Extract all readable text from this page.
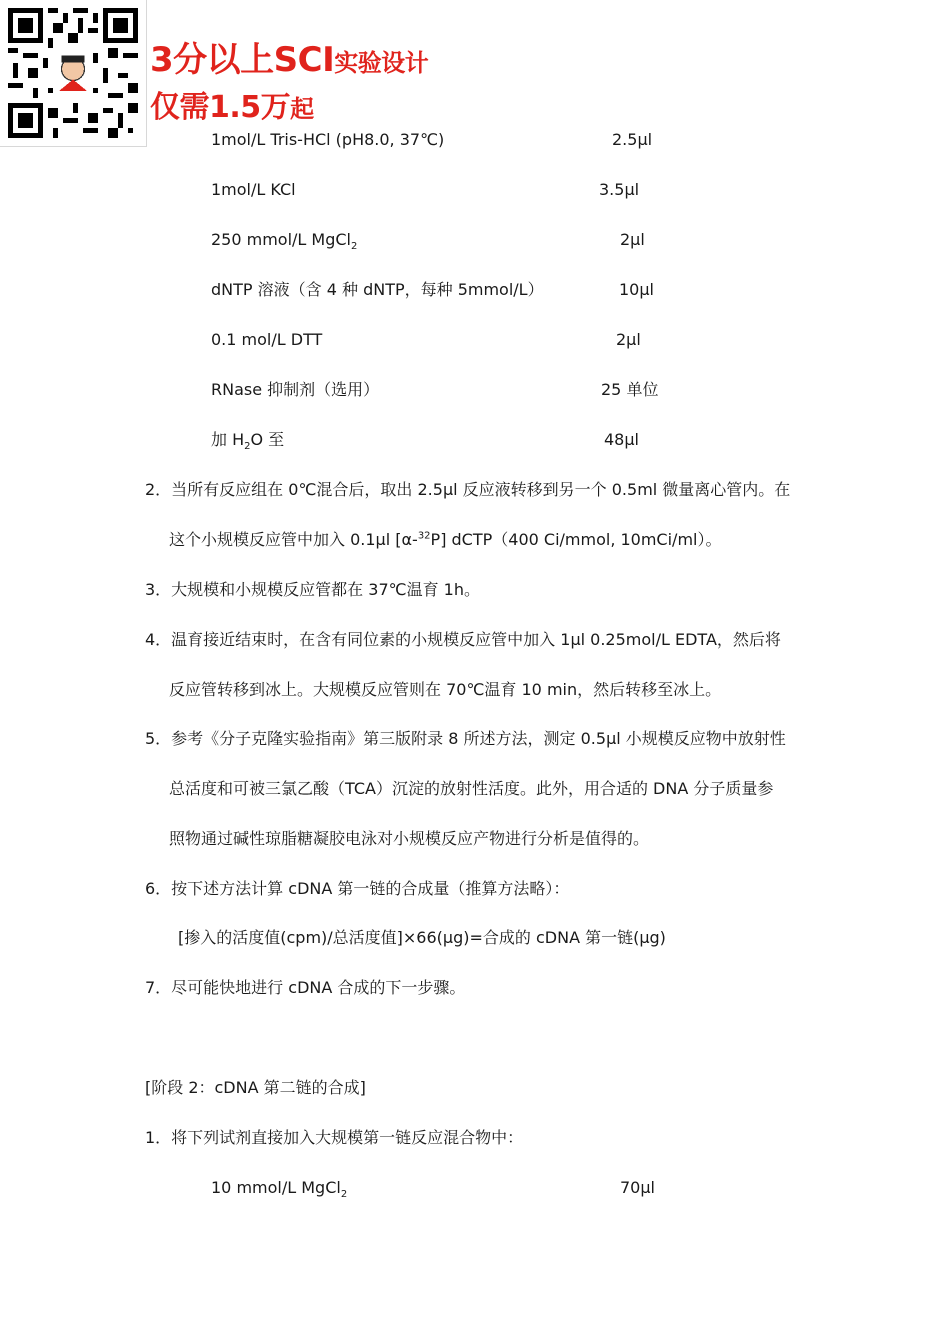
3分以上SCI实验设计
仅需1.5万起
1mol/L Tris-HCl (pH8.0, 37℃)	2.5μl
1mol/L KCl	3.5μl
250 mmol/L MgCl$_2$	2μl
dNTP 溶液（含 4 种 dNTP，每种 5mmol/L）	10μl
0.1 mol/L DTT	2μl
RNase 抑制剂（选用）	25 单位
加 $H_2O$ 至	48μl
2．当所有反应组在 0℃混合后，取出 2.5μl 反应液转移到另一个 0.5ml 微量离心管内。在
这个小规模反应管中加入 0.1μl [α-$^{32}$P] dCTP（400 Ci/mmol, 10mCi/ml）。
3．大规模和小规模反应管都在 37℃温育 1h。
4．温育接近结束时，在含有同位素的小规模反应管中加入 1μl 0.25mol/L EDTA，然后将
反应管转移到冰上。大规模反应管则在 70℃温育 10 min，然后转移至冰上。
5．参考《分子克隆实验指南》第三版附录 8 所述方法，测定 0.5μl 小规模反应物中放射性
总活度和可被三氯乙酸（TCA）沉淀的放射性活度。此外，用合适的 DNA 分子质量参
照物通过碱性琼脂糖凝胶电泳对小规模反应产物进行分析是值得的。
6．按下述方法计算 cDNA 第一链的合成量（推算方法略）：
[掺入的活度值(cpm)/总活度值]×66(μg)=合成的 cDNA 第一链(μg)
7．尽可能快地进行 cDNA 合成的下一步骤。
[阶段 2：cDNA 第二链的合成]
1．将下列试剂直接加入大规模第一链反应混合物中：
10 mmol/L MgCl$_2$	70μl
